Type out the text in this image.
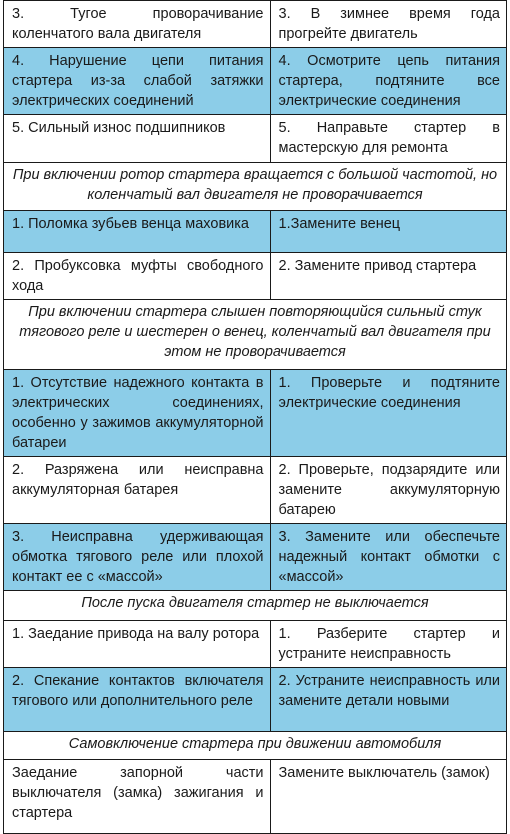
3. Тугое проворачивание коленчатого вала двигателя	3. В зимнее время года прогрейте двигатель
4. Нарушение цепи питания стартера из-за слабой затяжки электрических соединений	4. Осмотрите цепь питания стартера, подтяните все электрические соединения
5. Сильный износ подшипников	5. Направьте стартер в мастерскую для ремонта
При включении ротор стартера вращается с большой частотой, но коленчатый вал двигателя не проворачивается	
1. Поломка зубьев венца маховика	1.Замените венец
2. Пробуксовка муфты свободного хода	2. Замените привод стартера
При включении стартера слышен повторяющийся сильный стук тягового реле и шестерен о венец, коленчатый вал двигателя при этом не проворачивается	
1. Отсутствие надежного контакта в электрических соединениях, особенно у зажимов аккумуляторной батареи	1. Проверьте и подтяните электрические соединения
2. Разряжена или неисправна аккумуляторная батарея	2. Проверьте, подзарядите или замените аккумуляторную батарею
3. Неисправна удерживающая обмотка тягового реле или плохой контакт ее с «массой»	3. Замените или обеспечьте надежный контакт обмотки с «массой»
После пуска двигателя стартер не выключается	
1. Заедание привода на валу ротора	1. Разберите стартер и устраните неисправность
2. Спекание контактов включателя тягового или дополнительного реле	2. Устраните неисправность или замените детали новыми
Самовключение стартера при движении автомобиля	
Заедание запорной части выключателя (замка) зажигания и стартера	Замените выключатель (замок)
